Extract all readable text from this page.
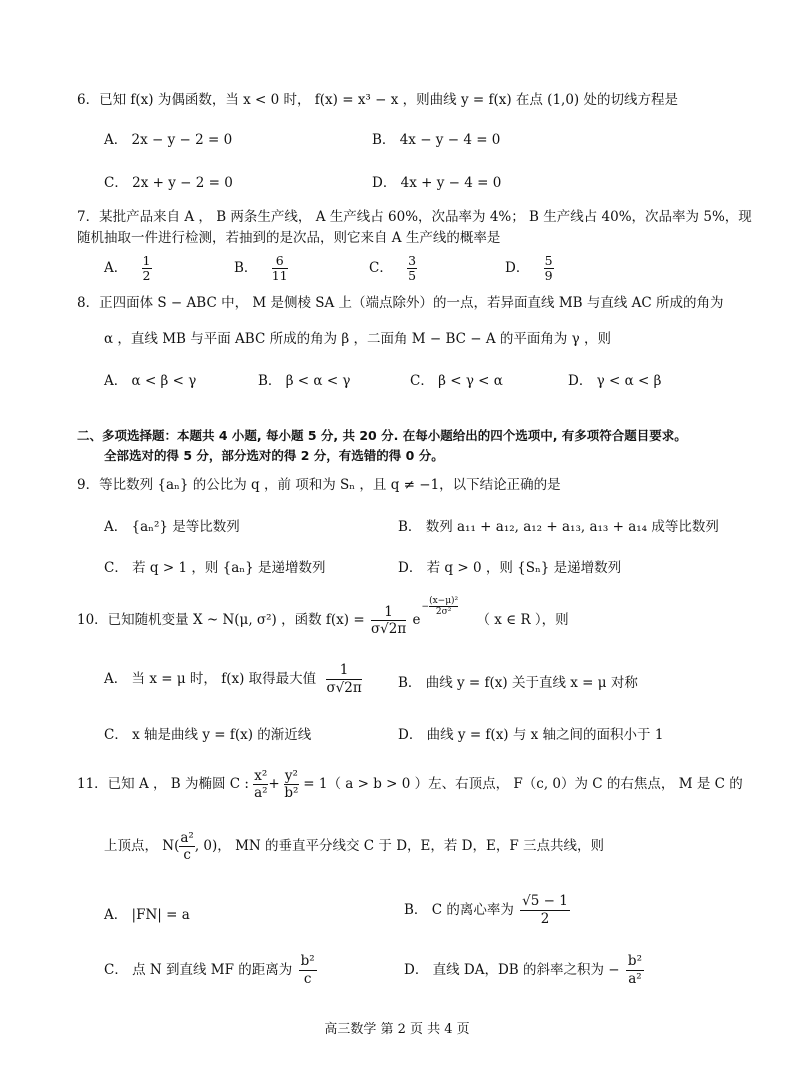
6．已知 f(x) 为偶函数，当 x < 0 时， f(x) = x³ − x ，则曲线 y = f(x) 在点 (1,0) 处的切线方程是
A． 2x − y − 2 = 0	B． 4x − y − 4 = 0
C． 2x + y − 2 = 0	D． 4x + y − 4 = 0
7．某批产品来自 A ， B 两条生产线， A 生产线占 60%，次品率为 4%； B 生产线占 40%，次品率为 5%，现
随机抽取一件进行检测，若抽到的是次品，则它来自 A 生产线的概率是
A． $\frac{1}{2}$	B． $\frac{6}{11}$	C． $\frac{3}{5}$	D． $\frac{5}{9}$
8．正四面体 S − ABC 中， M 是侧棱 SA 上（端点除外）的一点，若异面直线 MB 与直线 AC 所成的角为
α ，直线 MB 与平面 ABC 所成的角为 β ，二面角 M − BC − A 的平面角为 γ ，则
A． α < β < γ	B． β < α < γ	C． β < γ < α	D． γ < α < β
二、多项选择题：本题共 4 小题, 每小题 5 分, 共 20 分. 在每小题给出的四个选项中, 有多项符合题目要求。
全部选对的得 5 分，部分选对的得 2 分，有选错的得 0 分。
9．等比数列 {aₙ} 的公比为 q ，前 项和为 Sₙ ，且 q ≠ −1，以下结论正确的是
A． {aₙ²} 是等比数列	B． 数列 a₁₁ + a₁₂, a₁₂ + a₁₃, a₁₃ + a₁₄ 成等比数列
C． 若 q > 1 ，则 {aₙ} 是递增数列	D． 若 q > 0 ，则 {Sₙ} 是递增数列
10．已知随机变量 X ~ N(μ, σ²) ，函数 $f(x) = \frac{1}{\sigma√2\pi} e- \frac{\text{(x−μ)²}}{\text{2σ²}}$
（ x ∈ R ），则
A． 当 x = μ 时， f(x) 取得最大值 $\frac{1}{\sigma√2\pi}$	B． 曲线 y = f(x) 关于直线 x = μ 对称
C． x 轴是曲线 y = f(x) 的渐近线	D． 曲线 y = f(x) 与 x 轴之间的面积小于 1
11．已知 A ， B 为椭圆 C : $\frac{\text{x²}}{\text{a²}} + \frac{\text{y²}}{\text{b²}} = 1$（ a > b > 0 ）左、右顶点， F（c, 0）为 C 的右焦点， M 是 C 的
上顶点， $N( \frac{\text{a²}}{c}$ , 0)， MN 的垂直平分线交 C 于 D，E，若 D，E，F 三点共线，则
A． |FN| = a	B． C 的离心率为 $\frac{√5 - 1}{2}$
C． 点 N 到直线 MF 的距离为 $\frac{\text{b²}}{c}$	D． 直线 DA，DB 的斜率之积为 − $\frac{\text{b²}}{\text{a²}}$
高三数学 第 2 页 共 4 页
